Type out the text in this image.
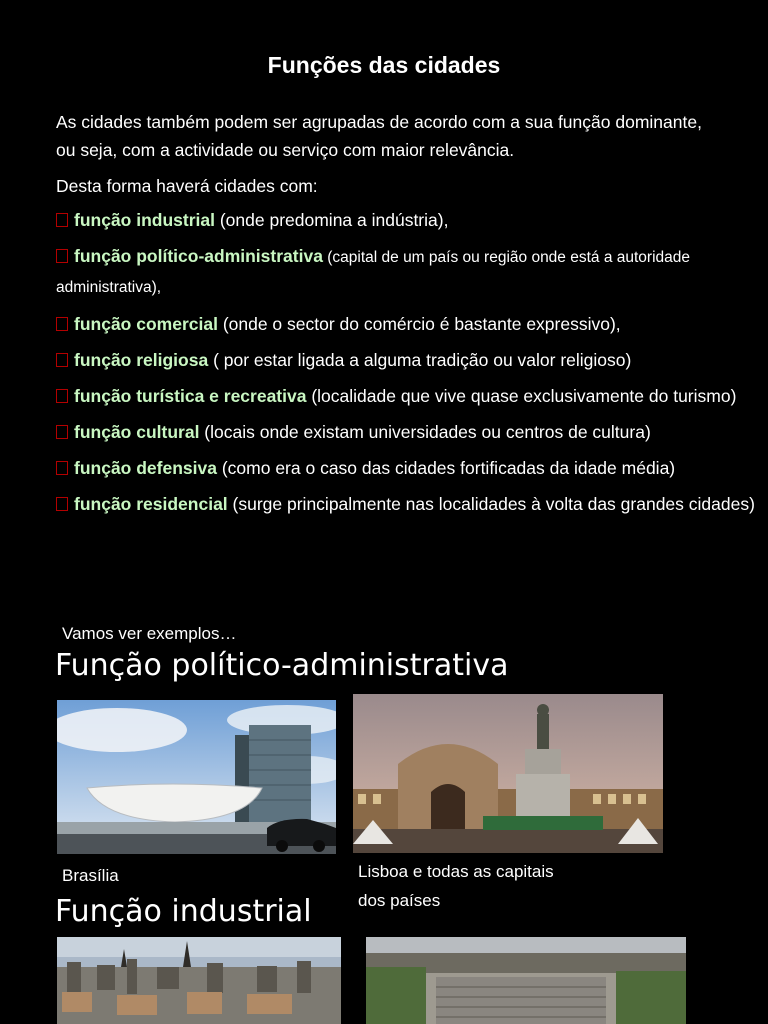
Funções das cidades
As cidades também podem ser agrupadas de acordo com a sua função dominante, ou seja, com a actividade ou serviço com maior relevância.
Desta forma haverá cidades com:
função industrial (onde predomina a indústria),
função político-administrativa (capital de um país ou região onde está a autoridade administrativa),
função comercial (onde o sector do comércio é bastante expressivo),
função religiosa ( por estar ligada a alguma tradição ou valor religioso)
função turística e recreativa (localidade que vive quase exclusivamente do turismo)
função cultural (locais onde existam universidades ou centros de cultura)
função defensiva (como era o caso das cidades fortificadas da idade média)
função residencial (surge principalmente nas localidades à volta das grandes cidades)
Vamos ver exemplos…
Função político-administrativa
Brasília	Lisboa e todas as capitais dos países
Função industrial
